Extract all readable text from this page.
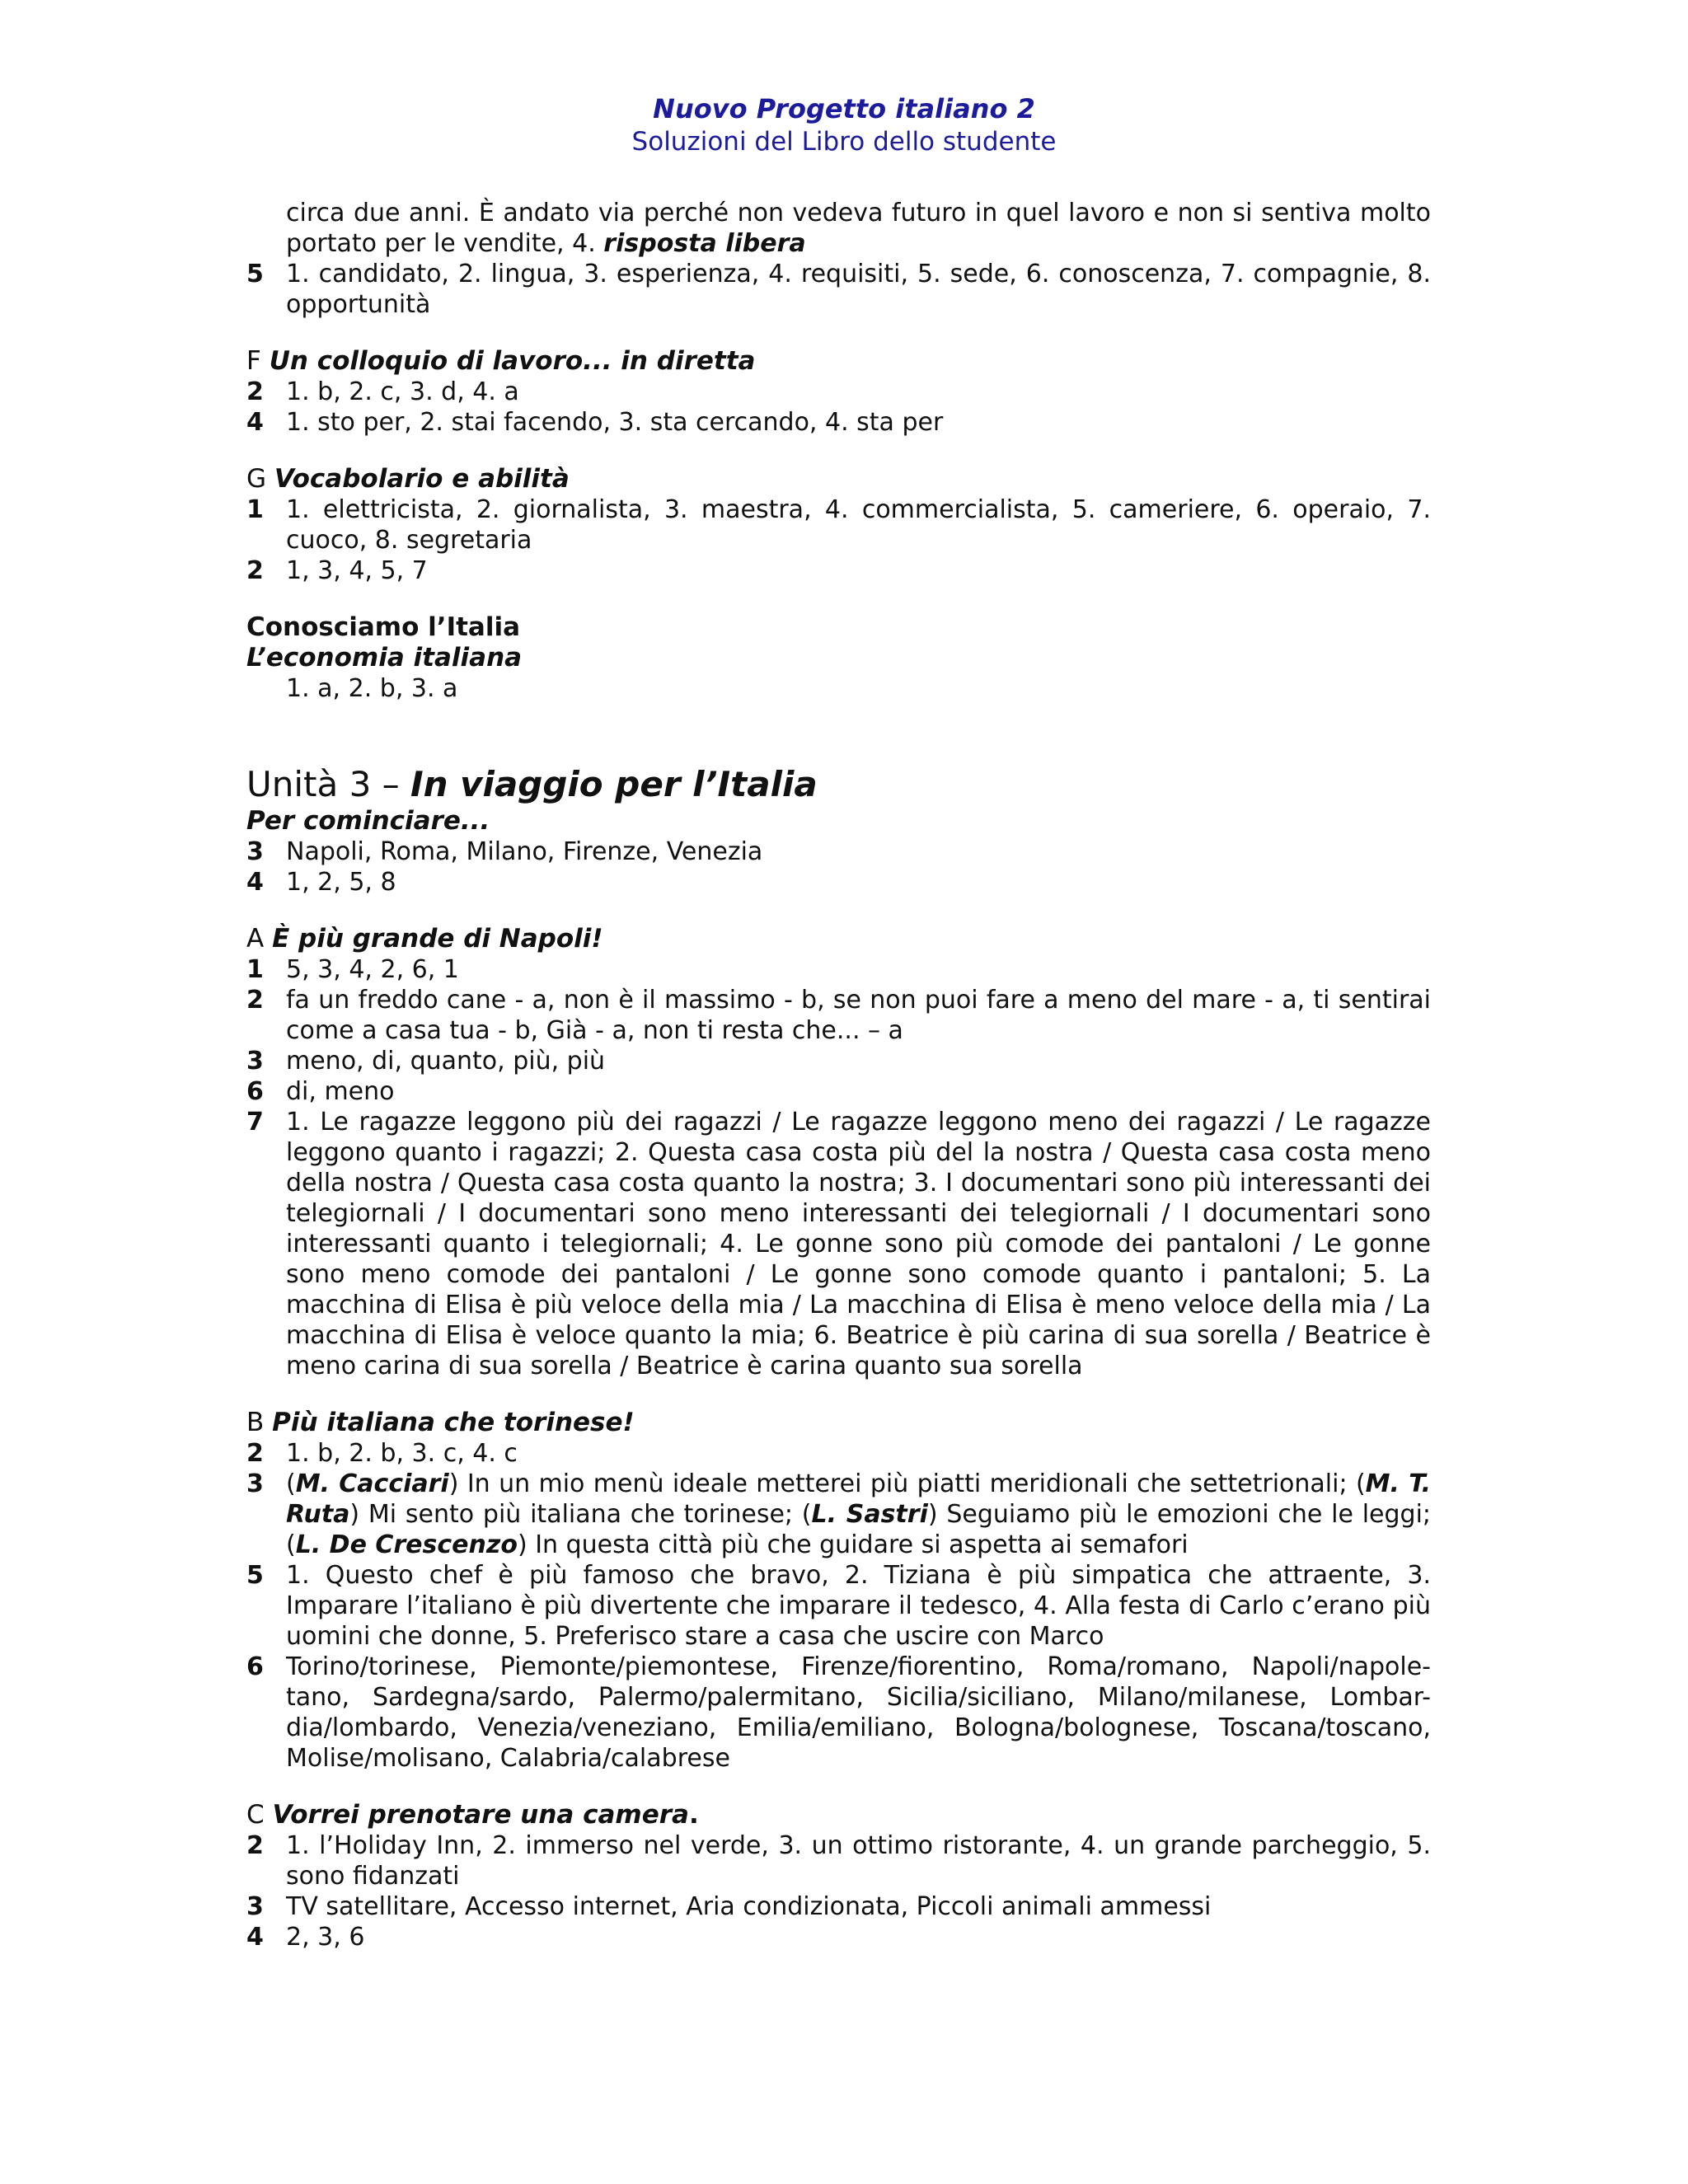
Nuovo Progetto italiano 2
Soluzioni del Libro dello studente
circa due anni. È andato via perché non vedeva futuro in quel lavoro e non si sentiva molto portato per le vendite, 4. risposta libera
5 1. candidato, 2. lingua, 3. esperienza, 4. requisiti, 5. sede, 6. conoscenza, 7. compagnie, 8. opportunità
F Un colloquio di lavoro... in diretta
2 1. b, 2. c, 3. d, 4. a
4 1. sto per, 2. stai facendo, 3. sta cercando, 4. sta per
G Vocabolario e abilità
1 1. elettricista, 2. giornalista, 3. maestra, 4. commercialista, 5. cameriere, 6. operaio, 7. cuoco, 8. segretaria
2 1, 3, 4, 5, 7
Conosciamo l’Italia
L’economia italiana
1. a, 2. b, 3. a
Unità 3 – In viaggio per l’Italia
Per cominciare...
3 Napoli, Roma, Milano, Firenze, Venezia
4 1, 2, 5, 8
A È più grande di Napoli!
1 5, 3, 4, 2, 6, 1
2 fa un freddo cane - a, non è il massimo - b, se non puoi fare a meno del mare - a, ti sentirai come a casa tua - b, Già - a, non ti resta che... – a
3 meno, di, quanto, più, più
6 di, meno
7 1. Le ragazze leggono più dei ragazzi / Le ragazze leggono meno dei ragazzi / Le ragazze leggono quanto i ragazzi; 2. Questa casa costa più del la nostra / Questa casa costa meno della nostra / Questa casa costa quanto la nostra; 3. I documentari sono più interessanti dei telegiornali / I documentari sono meno interessanti dei telegiornali / I documentari sono interessanti quanto i telegiornali; 4. Le gonne sono più comode dei pantaloni / Le gonne sono meno comode dei pantaloni / Le gonne sono comode quanto i pantaloni; 5. La macchina di Elisa è più veloce della mia / La macchina di Elisa è meno veloce della mia / La macchina di Elisa è veloce quanto la mia; 6. Beatrice è più carina di sua sorella / Beatrice è meno carina di sua sorella / Beatrice è carina quanto sua sorella
B Più italiana che torinese!
2 1. b, 2. b, 3. c, 4. c
3 (M. Cacciari) In un mio menù ideale metterei più piatti meridionali che settetrionali; (M. T. Ruta) Mi sento più italiana che torinese; (L. Sastri) Seguiamo più le emozioni che le leggi; (L. De Crescenzo) In questa città più che guidare si aspetta ai semafori
5 1. Questo chef è più famoso che bravo, 2. Tiziana è più simpatica che attraente, 3. Imparare l’italiano è più divertente che imparare il tedesco, 4. Alla festa di Carlo c’erano più uomini che donne, 5. Preferisco stare a casa che uscire con Marco
6 Torino/torinese, Piemonte/piemontese, Firenze/fiorentino, Roma/romano, Napoli/napole-tano, Sardegna/sardo, Palermo/palermitano, Sicilia/siciliano, Milano/milanese, Lombar-dia/lombardo, Venezia/veneziano, Emilia/emiliano, Bologna/bolognese, Toscana/toscano, Molise/molisano, Calabria/calabrese
C Vorrei prenotare una camera.
2 1. l’Holiday Inn, 2. immerso nel verde, 3. un ottimo ristorante, 4. un grande parcheggio, 5. sono fidanzati
3 TV satellitare, Accesso internet, Aria condizionata, Piccoli animali ammessi
4 2, 3, 6
